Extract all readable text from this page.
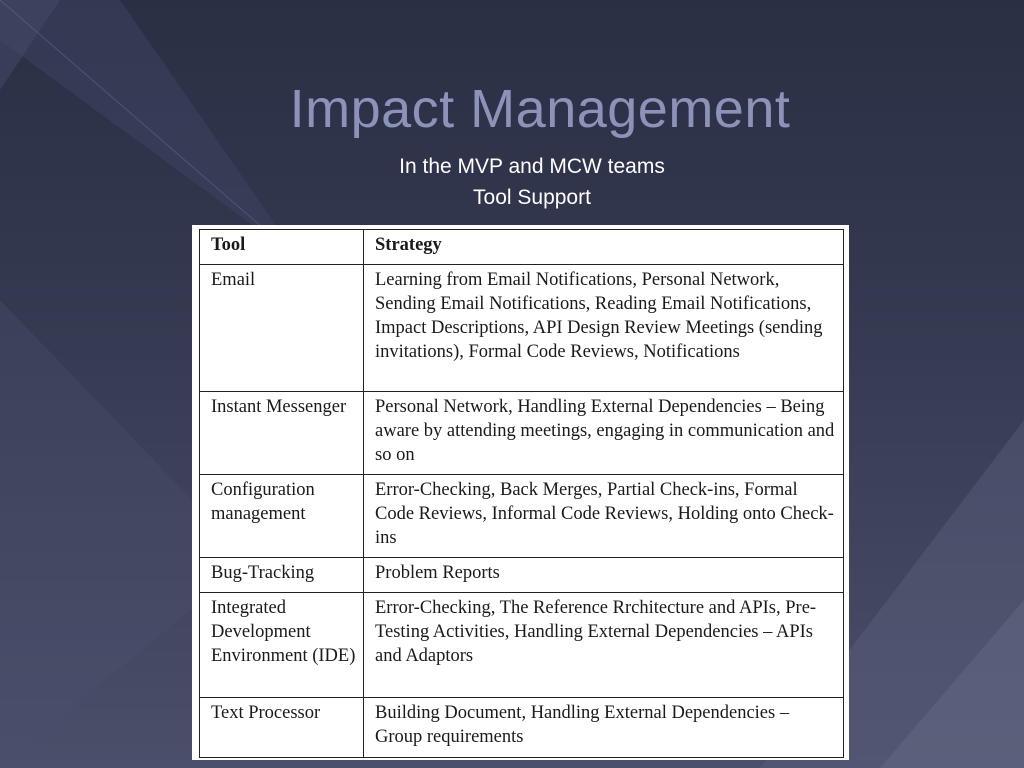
Impact Management
In the MVP and MCW teams
Tool Support
Tool	Strategy
Email	Learning from Email Notifications, Personal Network, Sending Email Notifications, Reading Email Notifications, Impact Descriptions, API Design Review Meetings (sending invitations), Formal Code Reviews, Notifications
Instant Messenger	Personal Network, Handling External Dependencies – Being aware by attending meetings, engaging in communication and so on
Configuration management	Error-Checking, Back Merges, Partial Check-ins, Formal Code Reviews, Informal Code Reviews, Holding onto Check-ins
Bug-Tracking	Problem Reports
Integrated Development Environment (IDE)	Error-Checking, The Reference Rrchitecture and APIs, Pre-Testing Activities, Handling External Dependencies – APIs and Adaptors
Text Processor	Building Document, Handling External Dependencies – Group requirements
